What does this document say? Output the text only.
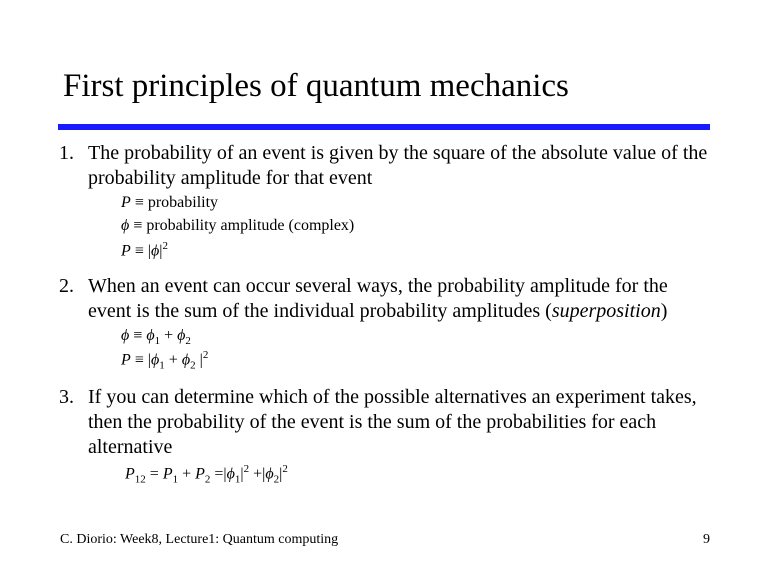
First principles of quantum mechanics
1. The probability of an event is given by the square of the absolute value of the probability amplitude for that event
P ≡ probability
ϕ ≡ probability amplitude (complex)
$P \equiv |\phi|^2$
2. When an event can occur several ways, the probability amplitude for the event is the sum of the individual probability amplitudes (superposition)
$\phi \equiv \phi_1 + \phi_2$
$P \equiv |\phi_1 + \phi_2$ $|^2$
3. If you can determine which of the possible alternatives an experiment takes, then the probability of the event is the sum of the probabilities for each alternative
$P_{12} = P_1 + P_2 =|\phi_1|^2 +|\phi_2|^2$
C. Diorio: Week8, Lecture1: Quantum computing	9
